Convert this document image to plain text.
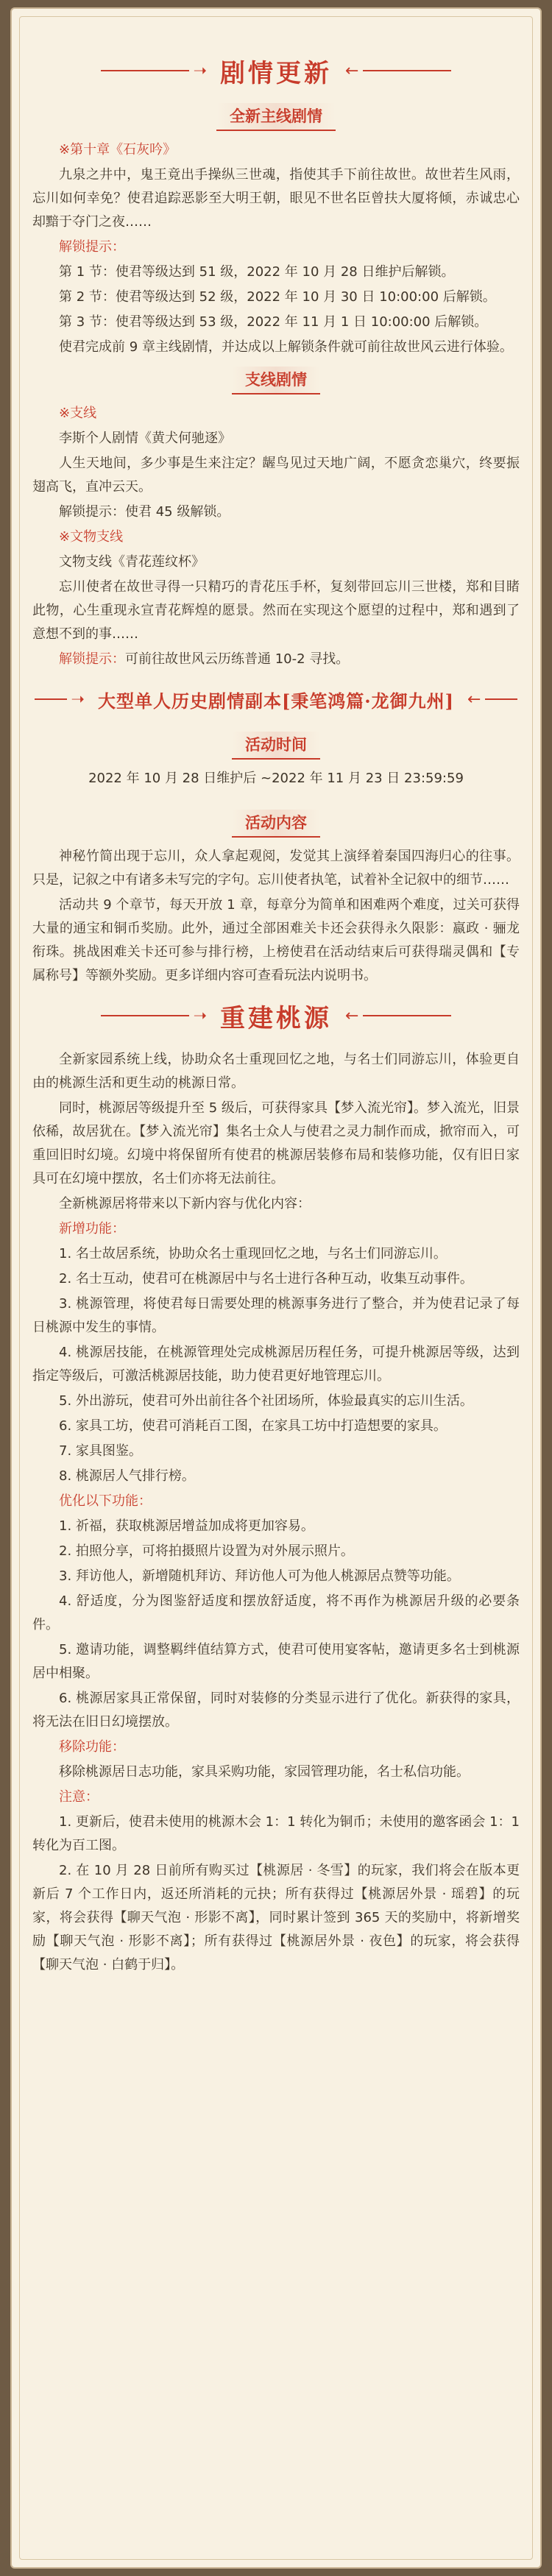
➝ 剧情更新 ←
全新主线剧情
※第十章《石灰吟》
九泉之井中，鬼王竟出手操纵三世魂，指使其手下前往故世。故世若生风雨，忘川如何幸免？使君追踪恶影至大明王朝，眼见不世名臣曾扶大厦将倾，赤诚忠心却黯于夺门之夜……
解锁提示：
第 1 节：使君等级达到 51 级，2022 年 10 月 28 日维护后解锁。
第 2 节：使君等级达到 52 级，2022 年 10 月 30 日 10:00:00 后解锁。
第 3 节：使君等级达到 53 级，2022 年 11 月 1 日 10:00:00 后解锁。
使君完成前 9 章主线剧情，并达成以上解锁条件就可前往故世风云进行体验。
支线剧情
※支线
李斯个人剧情《黄犬何驰逐》
人生天地间，多少事是生来注定？龌鸟见过天地广阔，不愿贪恋巢穴，终要振翅高飞，直冲云天。
解锁提示：使君 45 级解锁。
※文物支线
文物支线《青花莲纹杯》
忘川使者在故世寻得一只精巧的青花压手杯，复刻带回忘川三世楼，郑和目睹此物，心生重现永宣青花辉煌的愿景。然而在实现这个愿望的过程中，郑和遇到了意想不到的事……
解锁提示：可前往故世风云历练普通 10-2 寻找。
➝ 大型单人历史剧情副本[秉笔鸿篇·龙御九州] ←
活动时间
2022 年 10 月 28 日维护后 ~2022 年 11 月 23 日 23:59:59
活动内容
神秘竹简出现于忘川，众人拿起观阅，发觉其上演绎着秦国四海归心的往事。只是，记叙之中有诸多未写完的字句。忘川使者执笔，试着补全记叙中的细节……
活动共 9 个章节，每天开放 1 章，每章分为简单和困难两个难度，过关可获得大量的通宝和铜币奖励。此外，通过全部困难关卡还会获得永久限影：嬴政 · 骊龙衔珠。挑战困难关卡还可参与排行榜，上榜使君在活动结束后可获得瑞灵偶和【专属称号】等额外奖励。更多详细内容可查看玩法内说明书。
➝ 重建桃源 ←
全新家园系统上线，协助众名士重现回忆之地，与名士们同游忘川，体验更自由的桃源生活和更生动的桃源日常。
同时，桃源居等级提升至 5 级后，可获得家具【梦入流光帘】。梦入流光，旧景依稀，故居犹在。【梦入流光帘】集名士众人与使君之灵力制作而成，掀帘而入，可重回旧时幻境。幻境中将保留所有使君的桃源居装修布局和装修功能，仅有旧日家具可在幻境中摆放，名士们亦将无法前往。
全新桃源居将带来以下新内容与优化内容：
新增功能：
1. 名士故居系统，协助众名士重现回忆之地，与名士们同游忘川。
2. 名士互动，使君可在桃源居中与名士进行各种互动，收集互动事件。
3. 桃源管理，将使君每日需要处理的桃源事务进行了整合，并为使君记录了每日桃源中发生的事情。
4. 桃源居技能，在桃源管理处完成桃源居历程任务，可提升桃源居等级，达到指定等级后，可激活桃源居技能，助力使君更好地管理忘川。
5. 外出游玩，使君可外出前往各个社团场所，体验最真实的忘川生活。
6. 家具工坊，使君可消耗百工图，在家具工坊中打造想要的家具。
7. 家具图鉴。
8. 桃源居人气排行榜。
优化以下功能：
1. 祈福，获取桃源居增益加成将更加容易。
2. 拍照分享，可将拍摄照片设置为对外展示照片。
3. 拜访他人，新增随机拜访、拜访他人可为他人桃源居点赞等功能。
4. 舒适度，分为图鉴舒适度和摆放舒适度，将不再作为桃源居升级的必要条件。
5. 邀请功能，调整羁绊值结算方式，使君可使用宴客帖，邀请更多名士到桃源居中相聚。
6. 桃源居家具正常保留，同时对装修的分类显示进行了优化。新获得的家具，将无法在旧日幻境摆放。
移除功能：
移除桃源居日志功能，家具采购功能，家园管理功能，名士私信功能。
注意：
1. 更新后，使君未使用的桃源木会 1：1 转化为铜币；未使用的邀客函会 1：1 转化为百工图。
2. 在 10 月 28 日前所有购买过【桃源居 · 冬雪】的玩家，我们将会在版本更新后 7 个工作日内，返还所消耗的元抉；所有获得过【桃源居外景 · 瑶碧】的玩家，将会获得【聊天气泡 · 形影不离】，同时累计签到 365 天的奖励中，将新增奖励【聊天气泡 · 形影不离】；所有获得过【桃源居外景 · 夜色】的玩家，将会获得【聊天气泡 · 白鹤于归】。
